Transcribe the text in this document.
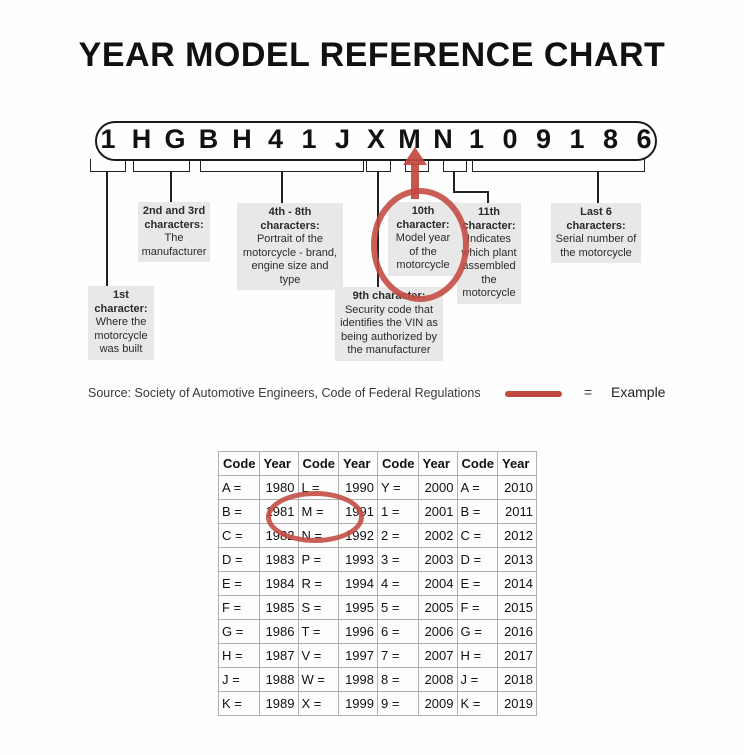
YEAR MODEL REFERENCE CHART
1 H G B H 4 1 J X M N 1 0 9 1 8 6
1st character:
Where the motorcycle was built
2nd and 3rd characters:
The manufacturer
4th - 8th characters:
Portrait of the motorcycle - brand, engine size and type
9th character:
Security code that identifies the VIN as being authorized by the manufacturer
10th character:
Model year of the motorcycle
11th character:
Indicates which plant assembled the motorcycle
Last 6 characters:
Serial number of the motorcycle
Source: Society of Automotive Engineers, Code of Federal Regulations	= Example
Code	Year	Code	Year	Code	Year	Code	Year
A =	1980	L =	1990	Y =	2000	A =	2010
B =	1981	M =	1991	1 =	2001	B =	2011
C =	1982	N =	1992	2 =	2002	C =	2012
D =	1983	P =	1993	3 =	2003	D =	2013
E =	1984	R =	1994	4 =	2004	E =	2014
F =	1985	S =	1995	5 =	2005	F =	2015
G =	1986	T =	1996	6 =	2006	G =	2016
H =	1987	V =	1997	7 =	2007	H =	2017
J =	1988	W =	1998	8 =	2008	J =	2018
K =	1989	X =	1999	9 =	2009	K =	2019
